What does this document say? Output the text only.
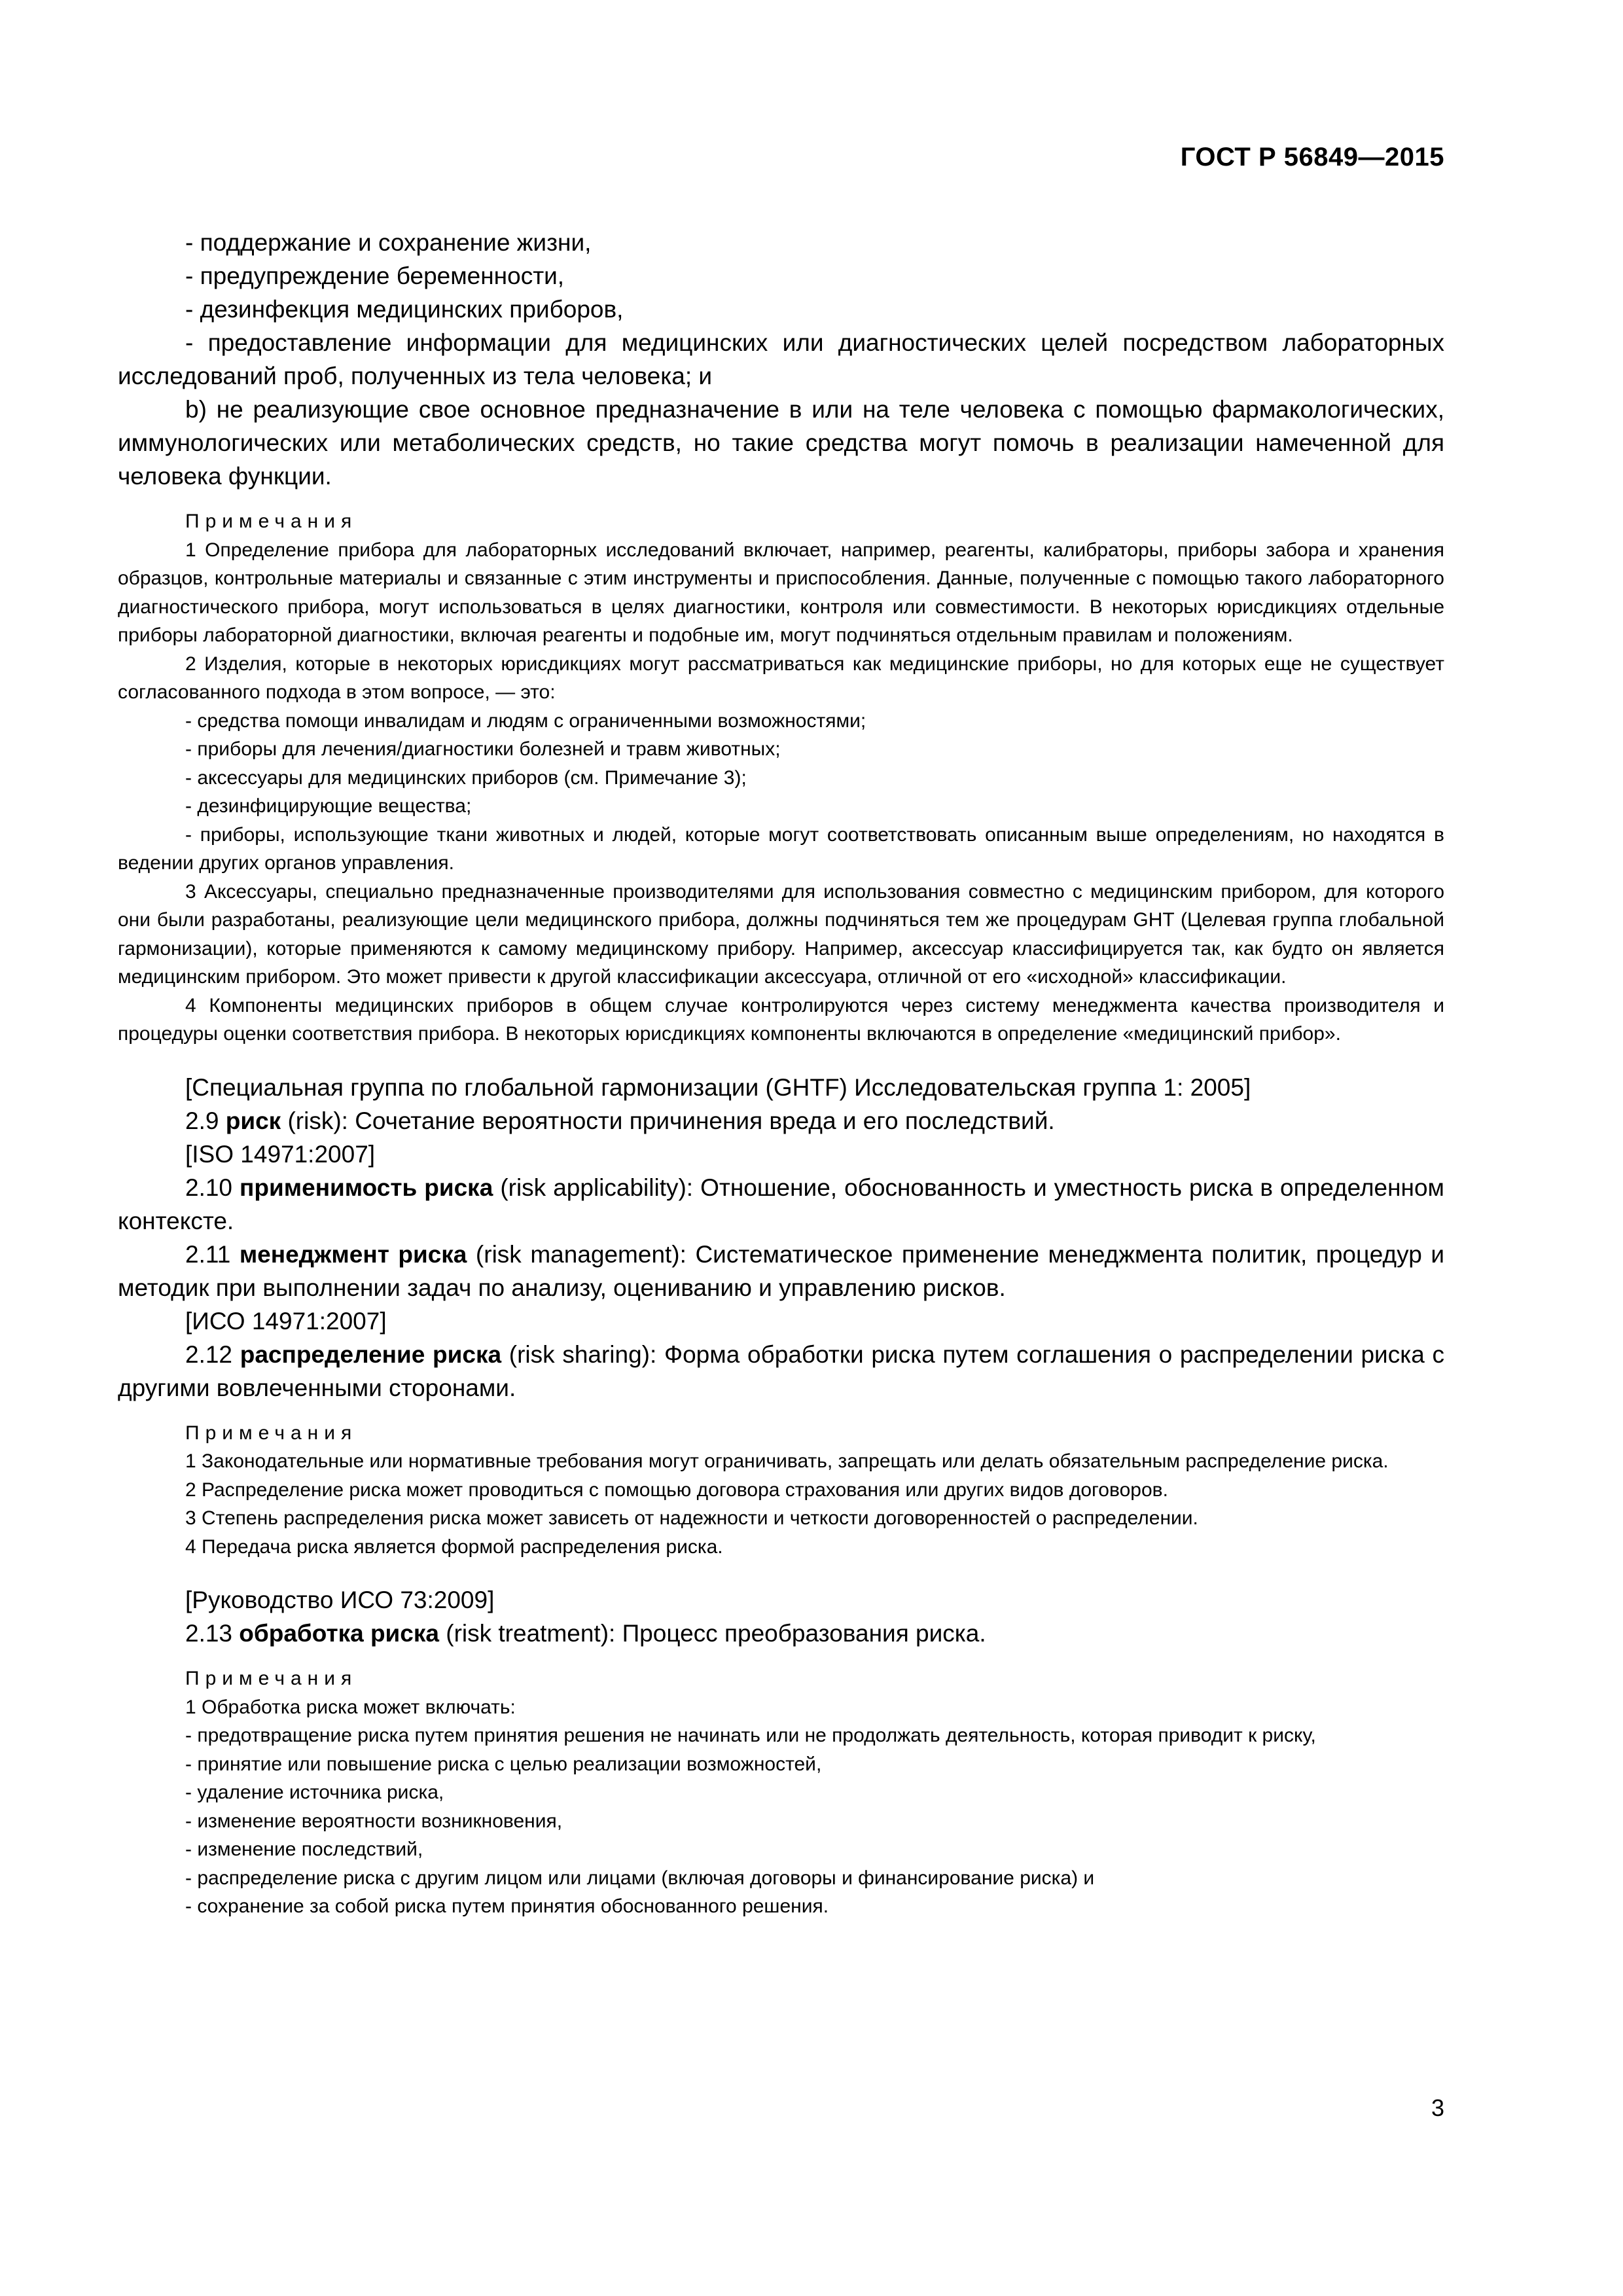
ГОСТ Р 56849—2015

- поддержание и сохранение жизни,

- предупреждение беременности,

- дезинфекция медицинских приборов,

- предоставление информации для медицинских или диагностических целей посредством лабораторных исследований проб, полученных из тела человека; и

b) не реализующие свое основное предназначение в или на теле человека с помощью фармакологических, иммунологических или метаболических средств, но такие средства могут помочь в реализации намеченной для человека функции.

Примечания

1 Определение прибора для лабораторных исследований включает, например, реагенты, калибраторы, приборы забора и хранения образцов, контрольные материалы и связанные с этим инструменты и приспособления. Данные, полученные с помощью такого лабораторного диагностического прибора, могут использоваться в целях диагностики, контроля или совместимости. В некоторых юрисдикциях отдельные приборы лабораторной диагностики, включая реагенты и подобные им, могут подчиняться отдельным правилам и положениям.

2 Изделия, которые в некоторых юрисдикциях могут рассматриваться как медицинские приборы, но для которых еще не существует согласованного подхода в этом вопросе, — это:

- средства помощи инвалидам и людям с ограниченными возможностями;

- приборы для лечения/диагностики болезней и травм животных;

- аксессуары для медицинских приборов (см. Примечание 3);

- дезинфицирующие вещества;

- приборы, использующие ткани животных и людей, которые могут соответствовать описанным выше определениям, но находятся в ведении других органов управления.

3 Аксессуары, специально предназначенные производителями для использования совместно с медицинским прибором, для которого они были разработаны, реализующие цели медицинского прибора, должны подчиняться тем же процедурам GHT (Целевая группа глобальной гармонизации), которые применяются к самому медицинскому прибору. Например, аксессуар классифицируется так, как будто он является медицинским прибором. Это может привести к другой классификации аксессуара, отличной от его «исходной» классификации.

4 Компоненты медицинских приборов в общем случае контролируются через систему менеджмента качества производителя и процедуры оценки соответствия прибора. В некоторых юрисдикциях компоненты включаются в определение «медицинский прибор».

[Специальная группа по глобальной гармонизации (GHTF) Исследовательская группа 1: 2005]

2.9 риск (risk): Сочетание вероятности причинения вреда и его последствий.

[ISO 14971:2007]

2.10 применимость риска (risk applicability): Отношение, обоснованность и уместность риска в определенном контексте.

2.11 менеджмент риска (risk management): Систематическое применение менеджмента политик, процедур и методик при выполнении задач по анализу, оцениванию и управлению рисков.

[ИСО 14971:2007]

2.12 распределение риска (risk sharing): Форма обработки риска путем соглашения о распределении риска с другими вовлеченными сторонами.

Примечания

1 Законодательные или нормативные требования могут ограничивать, запрещать или делать обязательным распределение риска.

2 Распределение риска может проводиться с помощью договора страхования или других видов договоров.

3 Степень распределения риска может зависеть от надежности и четкости договоренностей о распределении.

4 Передача риска является формой распределения риска.

[Руководство ИСО 73:2009]

2.13 обработка риска (risk treatment): Процесс преобразования риска.

Примечания

1 Обработка риска может включать:

- предотвращение риска путем принятия решения не начинать или не продолжать деятельность, которая приводит к риску,

- принятие или повышение риска с целью реализации возможностей,

- удаление источника риска,

- изменение вероятности возникновения,

- изменение последствий,

- распределение риска с другим лицом или лицами (включая договоры и финансирование риска) и

- сохранение за собой риска путем принятия обоснованного решения.

3
